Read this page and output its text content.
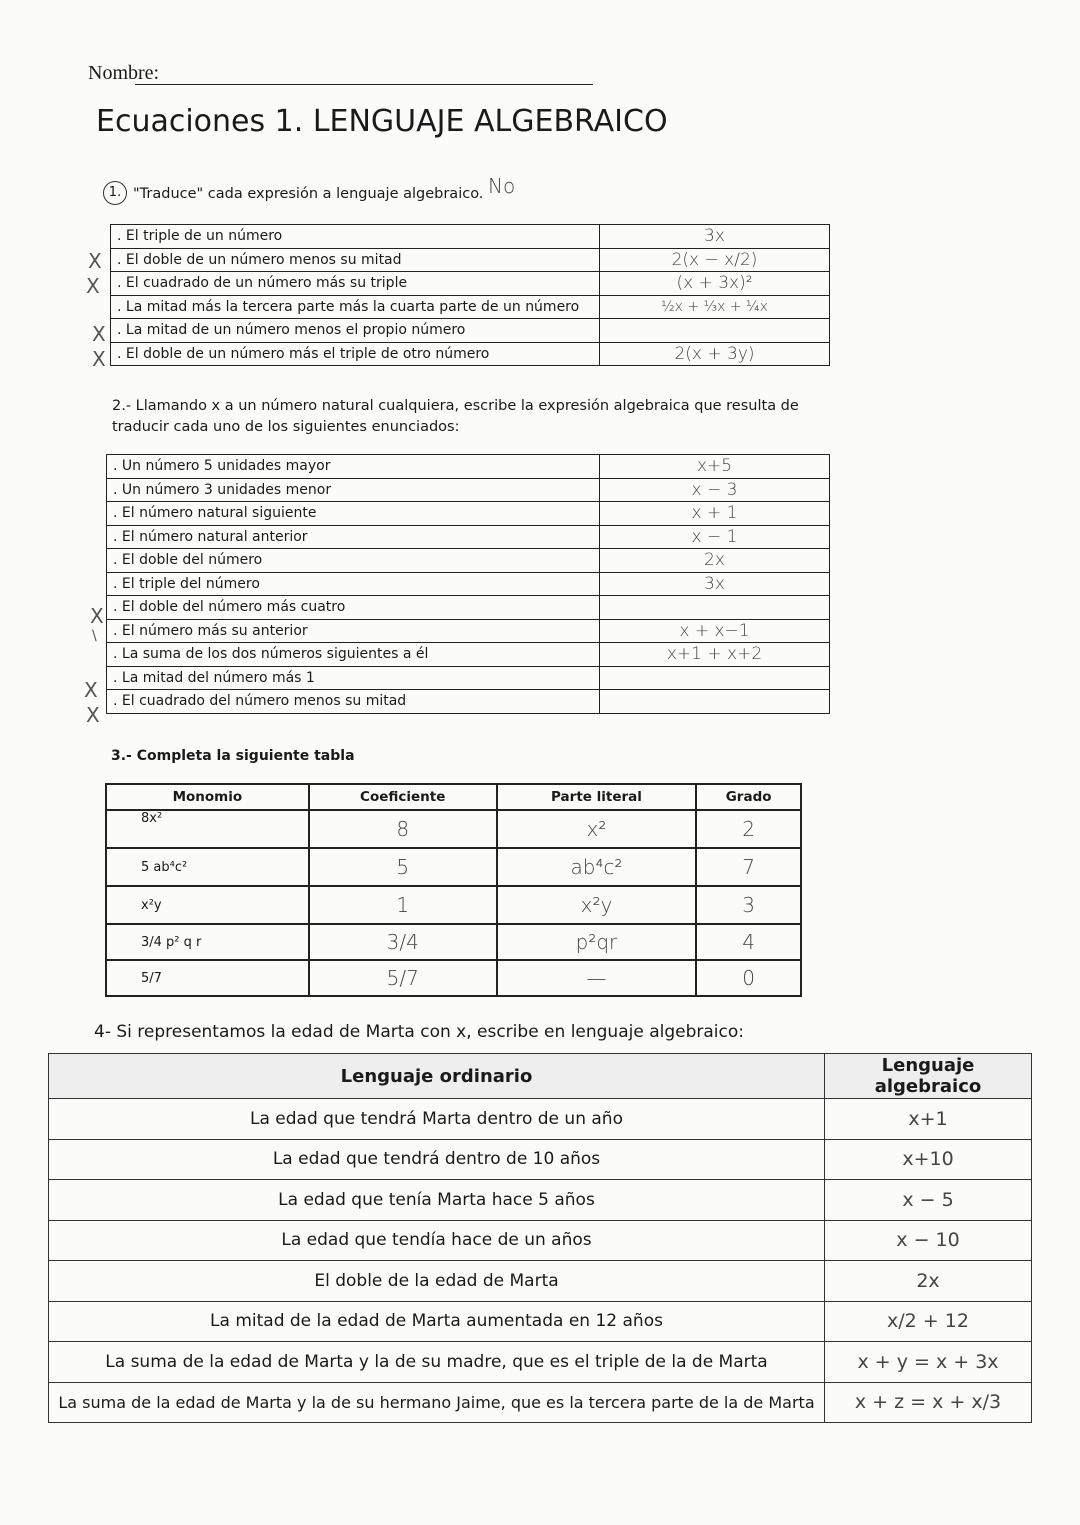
Nombre:
Ecuaciones 1. LENGUAJE ALGEBRAICO
1. "Traduce" cada expresión a lenguaje algebraico. No
X
X
X
X
. El triple de un número	3x
. El doble de un número menos su mitad	2(x − x/2)
. El cuadrado de un número más su triple	(x + 3x)²
. La mitad más la tercera parte más la cuarta parte de un número	½x + ⅓x + ¼x
. La mitad de un número menos el propio número	
. El doble de un número más el triple de otro número	2(x + 3y)
2.- Llamando x a un número natural cualquiera, escribe la expresión algebraica que resulta de traducir cada uno de los siguientes enunciados:
X
\
X
X
. Un número 5 unidades mayor	x+5
. Un número 3 unidades menor	x − 3
. El número natural siguiente	x + 1
. El número natural anterior	x − 1
. El doble del número	2x
. El triple del número	3x
. El doble del número más cuatro	
. El número más su anterior	x + x−1
. La suma de los dos números siguientes a él	x+1 + x+2
. La mitad del número más 1	
. El cuadrado del número menos su mitad	
3.- Completa la siguiente tabla
Monomio	Coeficiente	Parte literal	Grado
8x²	8	x²	2
5 ab⁴c²	5	ab⁴c²	7
x²y	1	x²y	3
3/4 p² q r	3/4	p²qr	4
5/7	5/7	—	0
4- Si representamos la edad de Marta con x, escribe en lenguaje algebraico:
Lenguaje ordinario	Lenguaje algebraico
La edad que tendrá Marta dentro de un año	x+1
La edad que tendrá dentro de 10 años	x+10
La edad que tenía Marta hace 5 años	x − 5
La edad que tendía hace de un años	x − 10
El doble de la edad de Marta	2x
La mitad de la edad de Marta aumentada en 12 años	x/2 + 12
La suma de la edad de Marta y la de su madre, que es el triple de la de Marta	x + y = x + 3x
La suma de la edad de Marta y la de su hermano Jaime, que es la tercera parte de la de Marta	x + z = x + x/3
